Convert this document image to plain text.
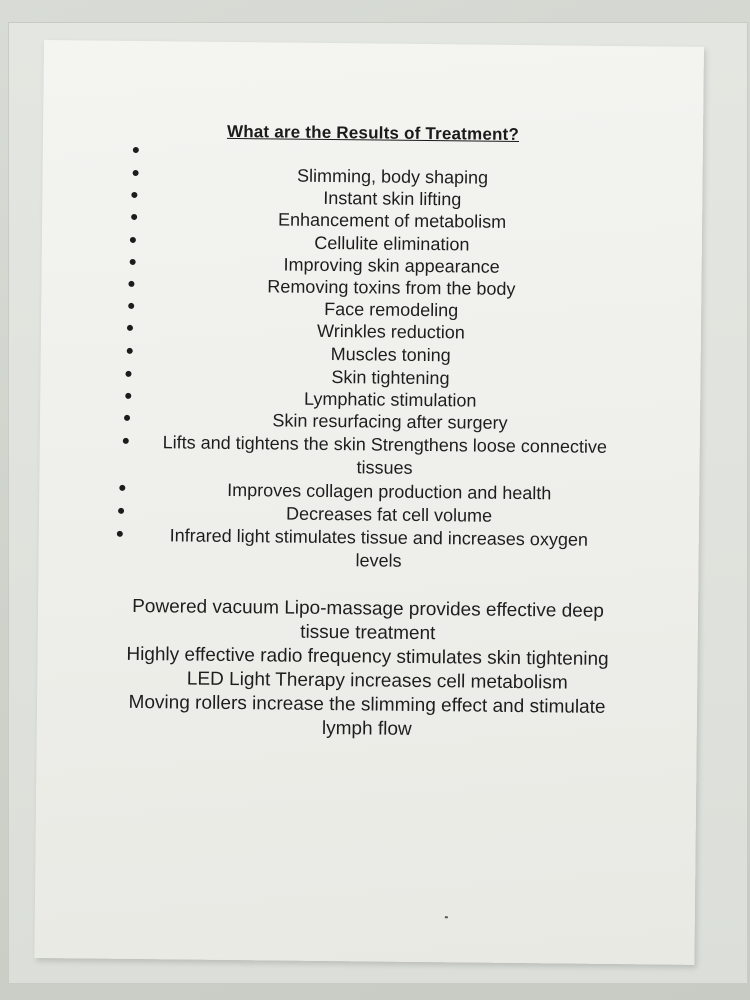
What are the Results of Treatment?
Slimming, body shaping
Instant skin lifting
Enhancement of metabolism
Cellulite elimination
Improving skin appearance
Removing toxins from the body
Face remodeling
Wrinkles reduction
Muscles toning
Skin tightening
Lymphatic stimulation
Skin resurfacing after surgery
Lifts and tightens the skin Strengthens loose connective tissues
Improves collagen production and health
Decreases fat cell volume
Infrared light stimulates tissue and increases oxygen levels
Powered vacuum Lipo-massage provides effective deep tissue treatment
Highly effective radio frequency stimulates skin tightening
LED Light Therapy increases cell metabolism
Moving rollers increase the slimming effect and stimulate lymph flow
